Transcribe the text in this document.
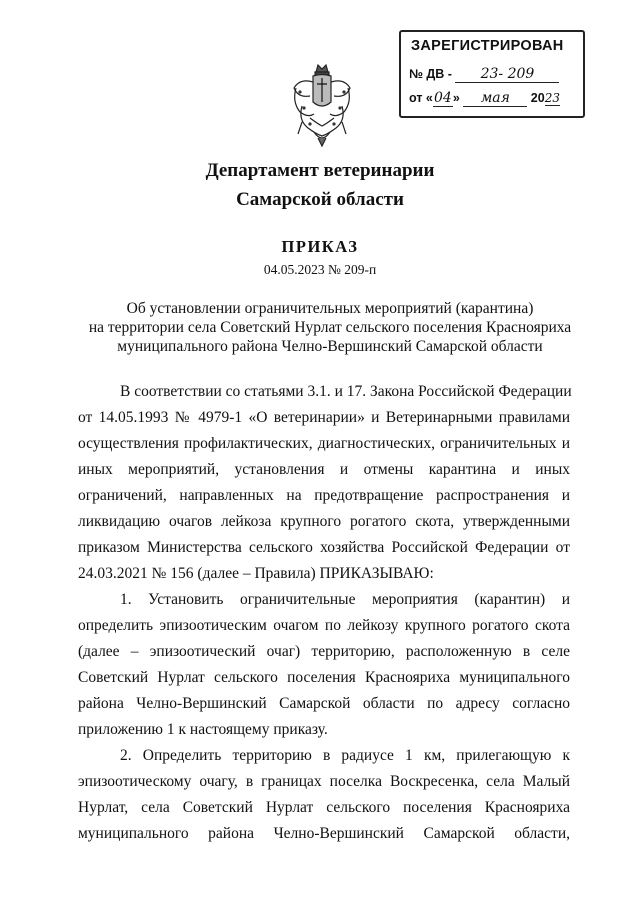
ЗАРЕГИСТРИРОВАН
№ ДВ - 23- 209
от «04» мая 2023
Департамент ветеринарии
Самарской области
ПРИКАЗ
04.05.2023 № 209-п
Об установлении ограничительных мероприятий (карантина)
на территории села Советский Нурлат сельского поселения Краснояриха
муниципального района Челно-Вершинский Самарской области
В соответствии со статьями 3.1. и 17. Закона Российской Федерации
от 14.05.1993 № 4979-1 «О ветеринарии» и Ветеринарными правилами
осуществления профилактических, диагностических, ограничительных и
иных мероприятий, установления и отмены карантина и иных
ограничений, направленных на предотвращение распространения и
ликвидацию очагов лейкоза крупного рогатого скота, утвержденными
приказом Министерства сельского хозяйства Российской Федерации от
24.03.2021 № 156 (далее – Правила) ПРИКАЗЫВАЮ:
1. Установить ограничительные мероприятия (карантин) и
определить эпизоотическим очагом по лейкозу крупного рогатого скота
(далее – эпизоотический очаг) территорию, расположенную в селе
Советский Нурлат сельского поселения Краснояриха муниципального
района Челно-Вершинский Самарской области по адресу согласно
приложению 1 к настоящему приказу.
2. Определить территорию в радиусе 1 км, прилегающую к
эпизоотическому очагу, в границах поселка Воскресенка, села Малый
Нурлат, села Советский Нурлат сельского поселения Краснояриха
муниципального района Челно-Вершинский Самарской области,
